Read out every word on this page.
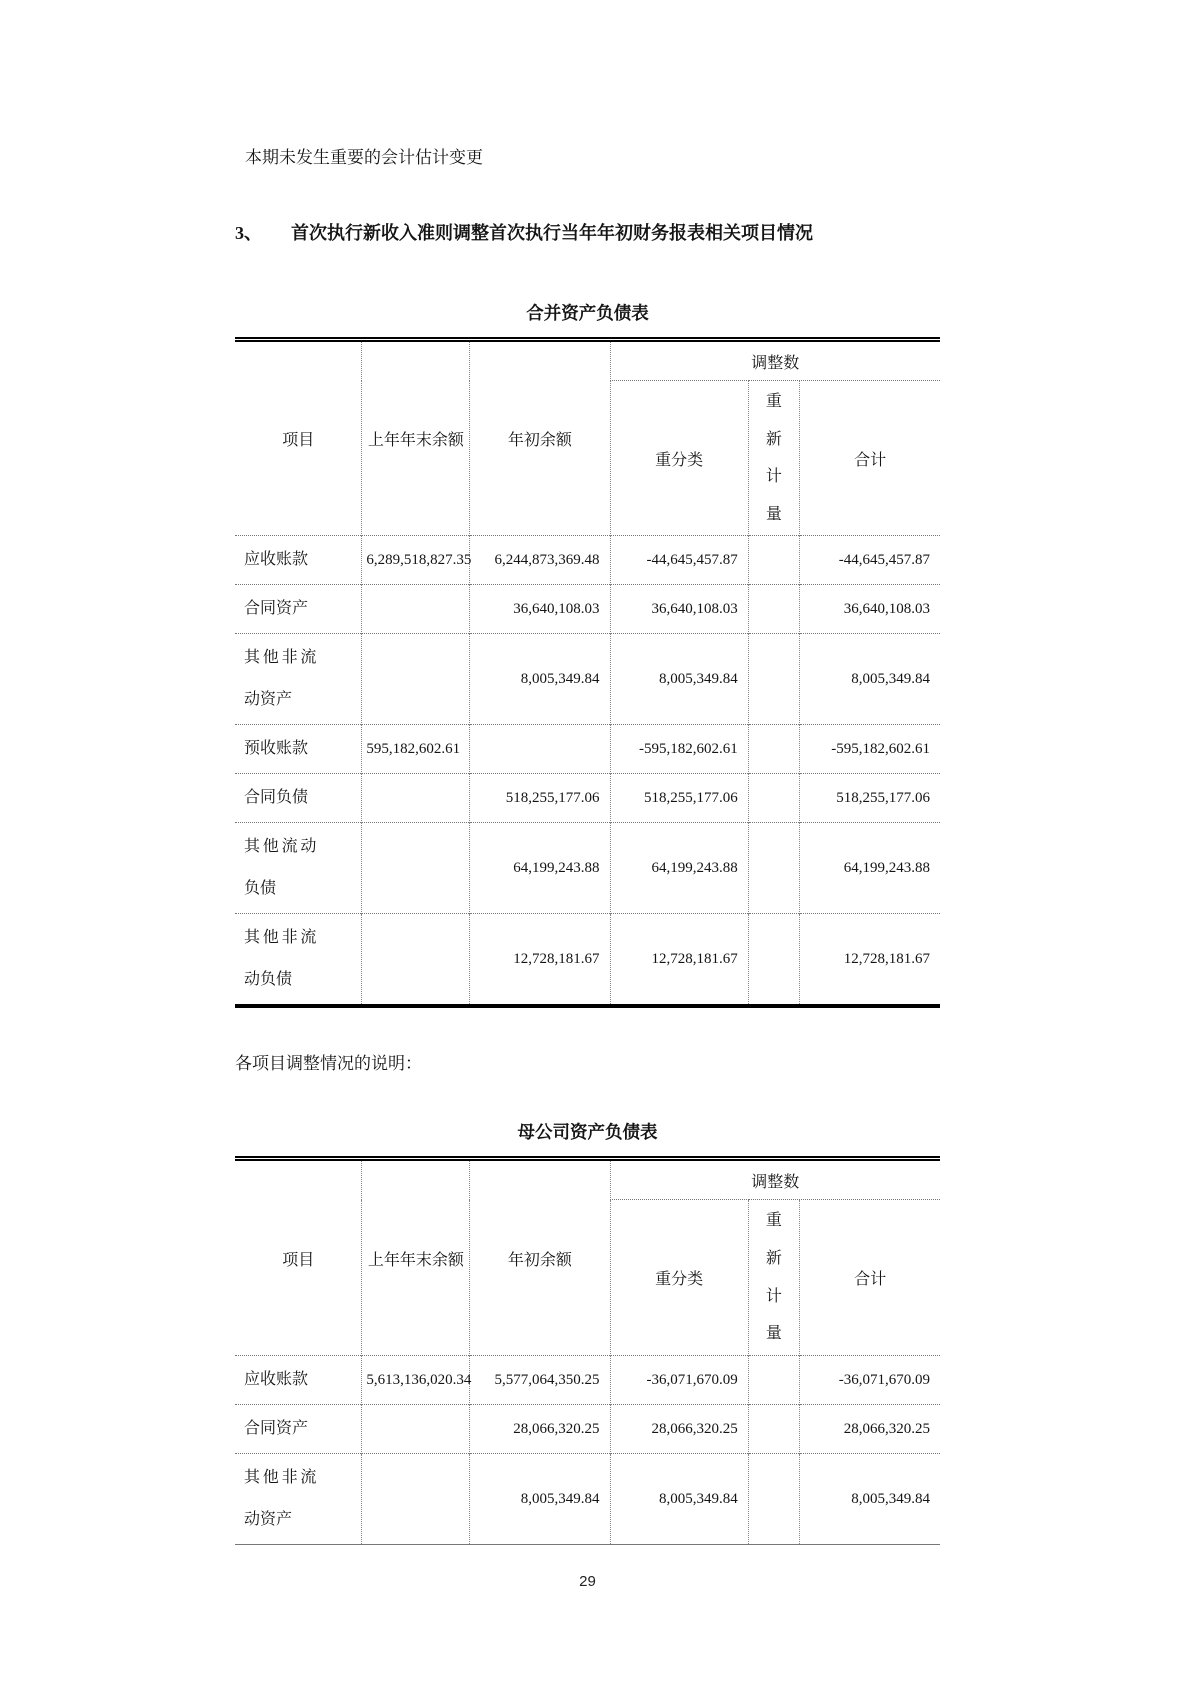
本期未发生重要的会计估计变更

3、	首次执行新收入准则调整首次执行当年年初财务报表相关项目情况
合并资产负债表
项目	上年年末余额	年初余额	调整数		
			重分类	重新计量	合计
应收账款	6,289,518,827.35	6,244,873,369.48	-44,645,457.87		-44,645,457.87
合同资产		36,640,108.03	36,640,108.03		36,640,108.03
其他非流动资产		8,005,349.84	8,005,349.84		8,005,349.84
预收账款	595,182,602.61		-595,182,602.61		-595,182,602.61
合同负债		518,255,177.06	518,255,177.06		518,255,177.06
其他流动负债		64,199,243.88	64,199,243.88		64,199,243.88
其他非流动负债		12,728,181.67	12,728,181.67		12,728,181.67

各项目调整情况的说明：

母公司资产负债表
项目	上年年末余额	年初余额	调整数		
			重分类	重新计量	合计
应收账款	5,613,136,020.34	5,577,064,350.25	-36,071,670.09		-36,071,670.09
合同资产		28,066,320.25	28,066,320.25		28,066,320.25
其他非流动资产		8,005,349.84	8,005,349.84		8,005,349.84
29
